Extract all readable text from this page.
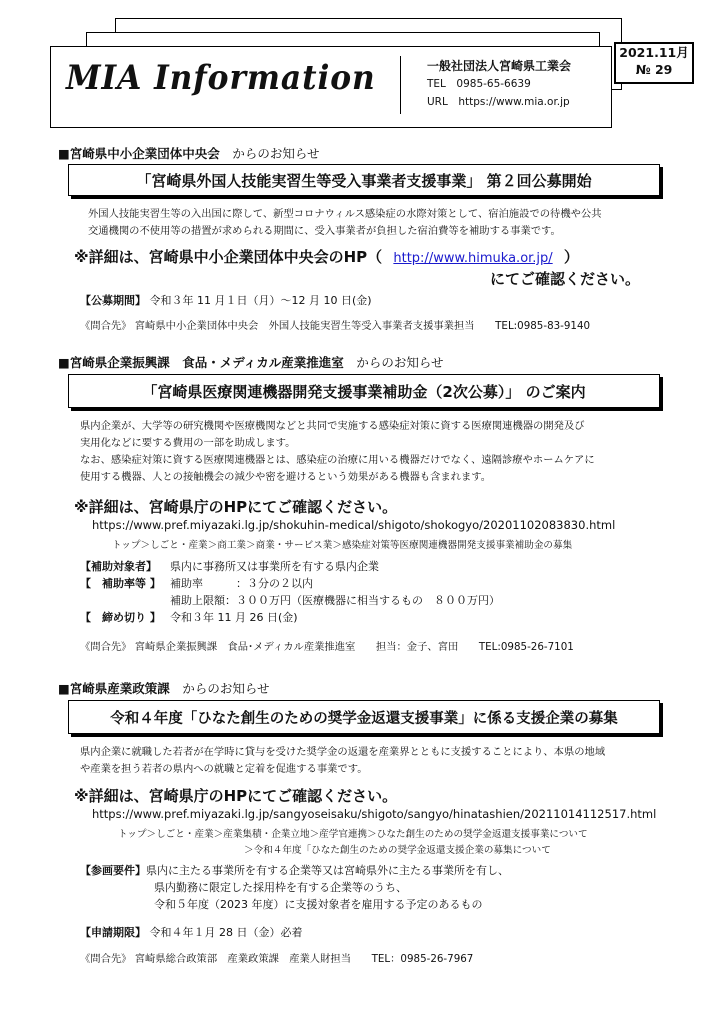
MIA Information	一般社団法人宮崎県工業会
TEL　0985-65-6639
URL　https://www.mia.or.jp
2021.11月
№ 29
■宮崎県中小企業団体中央会　 からのお知らせ
「宮崎県外国人技能実習生等受入事業者支援事業」 第２回公募開始
外国人技能実習生等の入出国に際して、新型コロナウィルス感染症の水際対策として、宿泊施設での待機や公共
交通機関の不使用等の措置が求められる期間に、受入事業者が負担した宿泊費等を補助する事業です。
※詳細は、宮崎県中小企業団体中央会のHP（ http://www.himuka.or.jp/ ）
にてご確認ください。
【公募期間】 令和３年 11 月１日（月）～12 月 10 日(金)
《問合先》 宮崎県中小企業団体中央会　外国人技能実習生等受入事業者支援事業担当　　TEL:0985-83-9140
■宮崎県企業振興課　食品・メディカル産業推進室　 からのお知らせ
「宮崎県医療関連機器開発支援事業補助金（2次公募）」 のご案内
県内企業が、大学等の研究機関や医療機関などと共同で実施する感染症対策に資する医療関連機器の開発及び
実用化などに要する費用の一部を助成します。
なお、感染症対策に資する医療関連機器とは、感染症の治療に用いる機器だけでなく、遠隔診療やホームケアに
使用する機器、人との接触機会の減少や密を避けるという効果がある機器も含まれます。
※詳細は、宮崎県庁のHPにてご確認ください。
https://www.pref.miyazaki.lg.jp/shokuhin-medical/shigoto/shokogyo/20201102083830.html
トップ＞しごと・産業＞商工業＞商業・サービス業＞感染症対策等医療関連機器開発支援事業補助金の募集
【補助対象者】 県内に事務所又は事業所を有する県内企業
【　補助率等 】 補助率　　　：３分の２以内
補助上限額：３００万円（医療機器に相当するもの　８００万円）
【　締め切り 】 令和３年 11 月 26 日(金)
《問合先》 宮崎県企業振興課　食品･メディカル産業推進室　　担当：金子、宮田　　TEL:0985-26-7101
■宮崎県産業政策課　 からのお知らせ
令和４年度「ひなた創生のための奨学金返還支援事業」に係る支援企業の募集
県内企業に就職した若者が在学時に貸与を受けた奨学金の返還を産業界とともに支援することにより、本県の地域
や産業を担う若者の県内への就職と定着を促進する事業です。
※詳細は、宮崎県庁のHPにてご確認ください。
https://www.pref.miyazaki.lg.jp/sangyoseisaku/shigoto/sangyo/hinatashien/20211014112517.html
トップ＞しごと・産業＞産業集積・企業立地＞産学官連携＞ひなた創生のための奨学金返還支援事業について
＞令和４年度「ひなた創生のための奨学金返還支援企業の募集について
【参画要件】県内に主たる事業所を有する企業等又は宮崎県外に主たる事業所を有し、
県内勤務に限定した採用枠を有する企業等のうち、
令和５年度（2023 年度）に支援対象者を雇用する予定のあるもの
【申請期限】 令和４年１月 28 日（金）必着
《問合先》 宮崎県総合政策部　産業政策課　産業人財担当　　TEL：0985-26-7967
